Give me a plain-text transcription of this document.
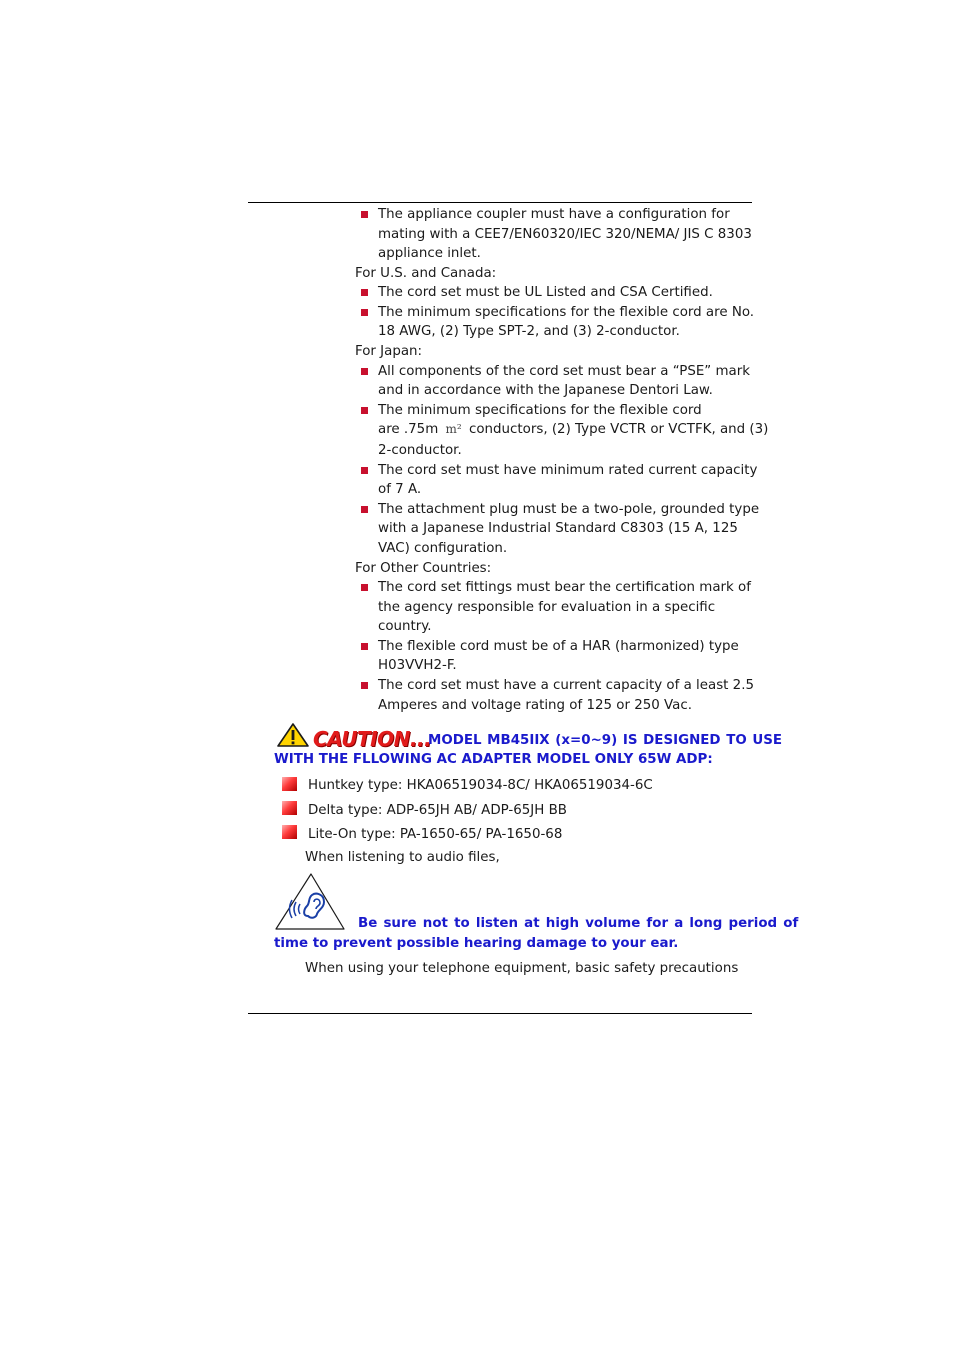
The appliance coupler must have a configuration for
mating with a CEE7/EN60320/IEC 320/NEMA/ JIS C 8303
appliance inlet.
For U.S. and Canada:
The cord set must be UL Listed and CSA Certified.
The minimum specifications for the flexible cord are No.
18 AWG, (2) Type SPT-2, and (3) 2-conductor.
For Japan:
All components of the cord set must bear a “PSE” mark
and in accordance with the Japanese Dentori Law.
The minimum specifications for the flexible cord
are .75m m² conductors, (2) Type VCTR or VCTFK, and (3)
2-conductor.
The cord set must have minimum rated current capacity
of 7 A.
The attachment plug must be a two-pole, grounded type
with a Japanese Industrial Standard C8303 (15 A, 125
VAC) configuration.
For Other Countries:
The cord set fittings must bear the certification mark of
the agency responsible for evaluation in a specific
country.
The flexible cord must be of a HAR (harmonized) type
H03VVH2-F.
The cord set must have a current capacity of a least 2.5
Amperes and voltage rating of 125 or 250 Vac.
CAUTION...
MODEL MB45IIX (x=0~9) IS DESIGNED TO USE
WITH THE FLLOWING AC ADAPTER MODEL ONLY 65W ADP:
Huntkey type: HKA06519034-8C/ HKA06519034-6C
Delta type: ADP-65JH AB/ ADP-65JH BB
Lite-On type: PA-1650-65/ PA-1650-68
When listening to audio files,
Be sure not to listen at high volume for a long period of
time to prevent possible hearing damage to your ear.
When using your telephone equipment, basic safety precautions
